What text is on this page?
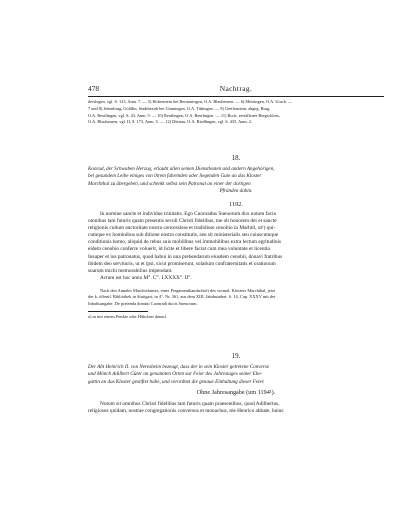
478	Nachtrag.

derslugen, vgl. S. 123, Anm. 7. — 5) Hohenstein bei Bermaringen, O.A. Blaubeuren. — 6) Metzingen, O.A. Urach. —

7 und 8) Jettenburg, Göldlin, Stadtbezirk bei Gönningen, O.A. Tübingen. — 9) Greifenstein, abgeg. Burg,

O.A. Reutlingen, vgl. S. 43, Anm. 9. — 10) Reutlingen, O.A. Reutlingen. — 11) Rock, zerfallenes Bergschloss,

O.A. Blaubeuren, vgl. II, S. 173, Anm. 5. — 12) Dürnau, O.A. Riedlingen, vgl. S. 435, Anm. 2.

18.

Konrad, der Schwaben Herzog, erlaubt allen seinen Dienstleuten und andern Angehörigen,

bei gesundem Leibe einiges von ihrem fahrenden oder liegenden Gute an das Kloster

Marchthal zu übergeben, und schenkt selbst sein Patronat an einer der dortigen

Pfründen dahin.

1192.

In nomine sancte et individue trinitatis. Ego Cuonradus Sueuorum dux notum facio

omnibus tam futuris quam presentis seculi Christi fidelibus, me ob honorem dei et sancte

religionis cultum auctoritate nostra concessisse et tradidisse cenobio in Marhtil, ut¹) qui-

cumque ex hominibus sub ditione nostra constitutis, seu sit ministerialis seu cuiuscumque

conditionis homo, aliquid de rebus suis mobilibus vel immobilibus extra lectum egritudinis

eidem cenobio conferre voluerit, id licite et libere faciat cum mea voluntate et licentia.

Insuper et ius patronatus, quod habui in una prebendarum eiusdem cenobii, donavi fratribus

ibidem deo servituris, ut et ipsi, sicut promiserunt, solatium confraternitatis et orationum

suarum michi memorabilius impendant.

Actum est hoc anno M°. C°. LXXXX°. II°.

Nach den Annales Marchtelanses, einer Pergamenthandschrift des vormal. Klosters Marchthal, jetzt

der k. öffentl. Bibliothek in Stuttgart, in 4°. Nr. 361, aus dem XIII. Jahrhundert, S. 14, Cap. XXXV mit der

Inhaltsangabe: De pretenda domini Cuonradi ducis Sueuorum.

a) m mit einem Punkte oder Häkchen darauf.
19.

Der Abt Heinrich II. von Neresheim bezeugt, dass der in sein Kloster getretene Converse

und Mönch Adilbert Güter an genannten Orten zur Feier des Jahrestages seiner Ehe-

gattin an das Kloster gestiftet habe, und verordnet die genaue Einhaltung dieser Feier.

Ohne Jahresangabe (um 1194¹).

Notum sit omnibus Christi fidelibus tam futuris quam praesentibus, quod Adilbertus,

religiosus quidam, nostrae congregationis conversus et monachus, me Henrico abbate, huius
